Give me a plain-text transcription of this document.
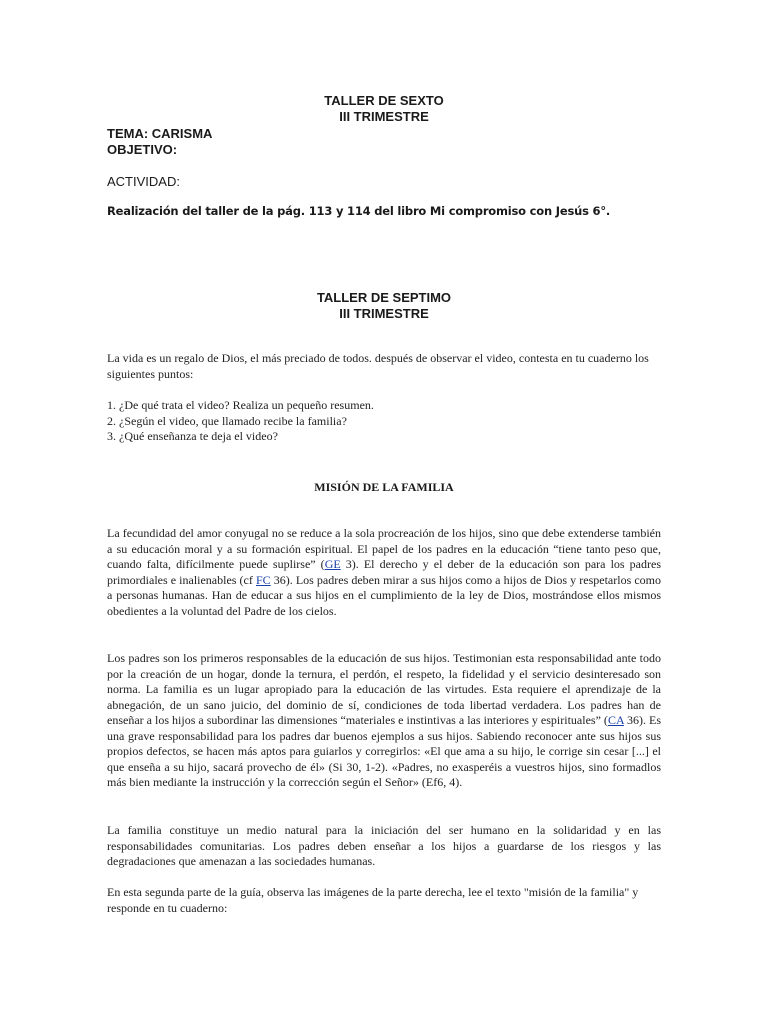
TALLER DE SEXTO
III TRIMESTRE
TEMA: CARISMA
OBJETIVO:
ACTIVIDAD:
Realización del taller de la pág. 113 y 114 del libro Mi compromiso con Jesús 6°.
TALLER DE SEPTIMO
III TRIMESTRE
La vida es un regalo de Dios, el más preciado de todos. después de observar el video, contesta en tu cuaderno los siguientes puntos:

1. ¿De qué trata el video? Realiza un pequeño resumen.

2. ¿Según el video, que llamado recibe la familia?

3. ¿Qué enseñanza te deja el video?

MISIÓN DE LA FAMILIA
La fecundidad del amor conyugal no se reduce a la sola procreación de los hijos, sino que debe extenderse también a su educación moral y a su formación espiritual. El papel de los padres en la educación “tiene tanto peso que, cuando falta, difícilmente puede suplirse” (GE 3). El derecho y el deber de la educación son para los padres primordiales e inalienables (cf FC 36). Los padres deben mirar a sus hijos como a hijos de Dios y respetarlos como a personas humanas. Han de educar a sus hijos en el cumplimiento de la ley de Dios, mostrándose ellos mismos obedientes a la voluntad del Padre de los cielos.
Los padres son los primeros responsables de la educación de sus hijos. Testimonian esta responsabilidad ante todo por la creación de un hogar, donde la ternura, el perdón, el respeto, la fidelidad y el servicio desinteresado son norma. La familia es un lugar apropiado para la educación de las virtudes. Esta requiere el aprendizaje de la abnegación, de un sano juicio, del dominio de sí, condiciones de toda libertad verdadera. Los padres han de enseñar a los hijos a subordinar las dimensiones “materiales e instintivas a las interiores y espirituales” (CA 36). Es una grave responsabilidad para los padres dar buenos ejemplos a sus hijos. Sabiendo reconocer ante sus hijos sus propios defectos, se hacen más aptos para guiarlos y corregirlos: «El que ama a su hijo, le corrige sin cesar [...] el que enseña a su hijo, sacará provecho de él» (Si 30, 1-2). «Padres, no exasperéis a vuestros hijos, sino formadlos más bien mediante la instrucción y la corrección según el Señor» (Ef6, 4).
La familia constituye un medio natural para la iniciación del ser humano en la solidaridad y en las responsabilidades comunitarias. Los padres deben enseñar a los hijos a guardarse de los riesgos y las degradaciones que amenazan a las sociedades humanas.
En esta segunda parte de la guía, observa las imágenes de la parte derecha, lee el texto "misión de la familia" y responde en tu cuaderno:
